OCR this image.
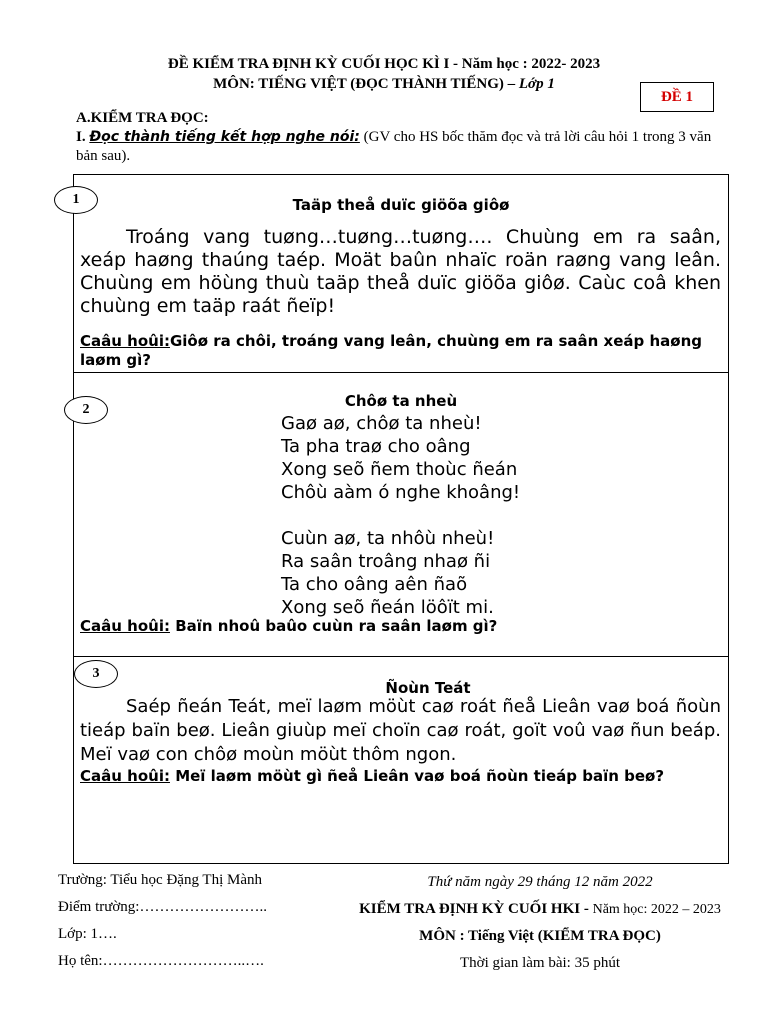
ĐỀ KIỂM TRA ĐỊNH KỲ CUỐI HỌC KÌ I - Năm học : 2022- 2023
MÔN: TIẾNG VIỆT (ĐỌC THÀNH TIẾNG) – Lớp 1
ĐỀ 1
A.KIỂM TRA ĐỌC:
I. Đọc thành tiếng kết hợp nghe nói: (GV cho HS bốc thăm đọc và trả lời câu hỏi 1 trong 3 văn bản sau).
1	Taäp theå duïc giöõa giôø
Troáng vang tuøng…tuøng…tuøng…. Chuùng em ra saân, xeáp haøng thaúng taép. Moät baûn nhaïc roän raøng vang leân. Chuùng em höùng thuù taäp theå duïc giöõa giôø. Caùc coâ khen chuùng em taäp raát ñeïp!
Caâu hoûi:Giôø ra chôi, troáng vang leân, chuùng em ra saân xeáp haøng laøm gì?
2	Chôø ta nheù
Gaø aø, chôø ta nheù!
Ta pha traø cho oâng
Xong seõ ñem thoùc ñeán
Chôù aàm ó nghe khoâng!
Cuùn aø, ta nhôù nheù!
Ra saân troâng nhaø ñi
Ta cho oâng aên ñaõ
Xong seõ ñeán löôït mi.
Caâu hoûi: Baïn nhoû baûo cuùn ra saân laøm gì?
3
Ñoùn Teát
Saép ñeán Teát, meï laøm möùt caø roát ñeå Lieân vaø boá ñoùn tieáp baïn beø. Lieân giuùp meï choïn caø roát, goït voû vaø ñun beáp. Meï vaø con chôø moùn möùt thôm ngon.
Caâu hoûi: Meï laøm möùt gì ñeå Lieân vaø boá ñoùn tieáp baïn beø?
Trường: Tiểu học Đặng Thị Mành
Điểm trường:……………………..
Lớp: 1….
Họ tên:………………………..….
Thứ năm ngày 29 tháng 12 năm 2022
KIỂM TRA ĐỊNH KỲ CUỐI HKI - Năm học: 2022 – 2023
MÔN : Tiếng Việt (KIỂM TRA ĐỌC)
Thời gian làm bài: 35 phút
